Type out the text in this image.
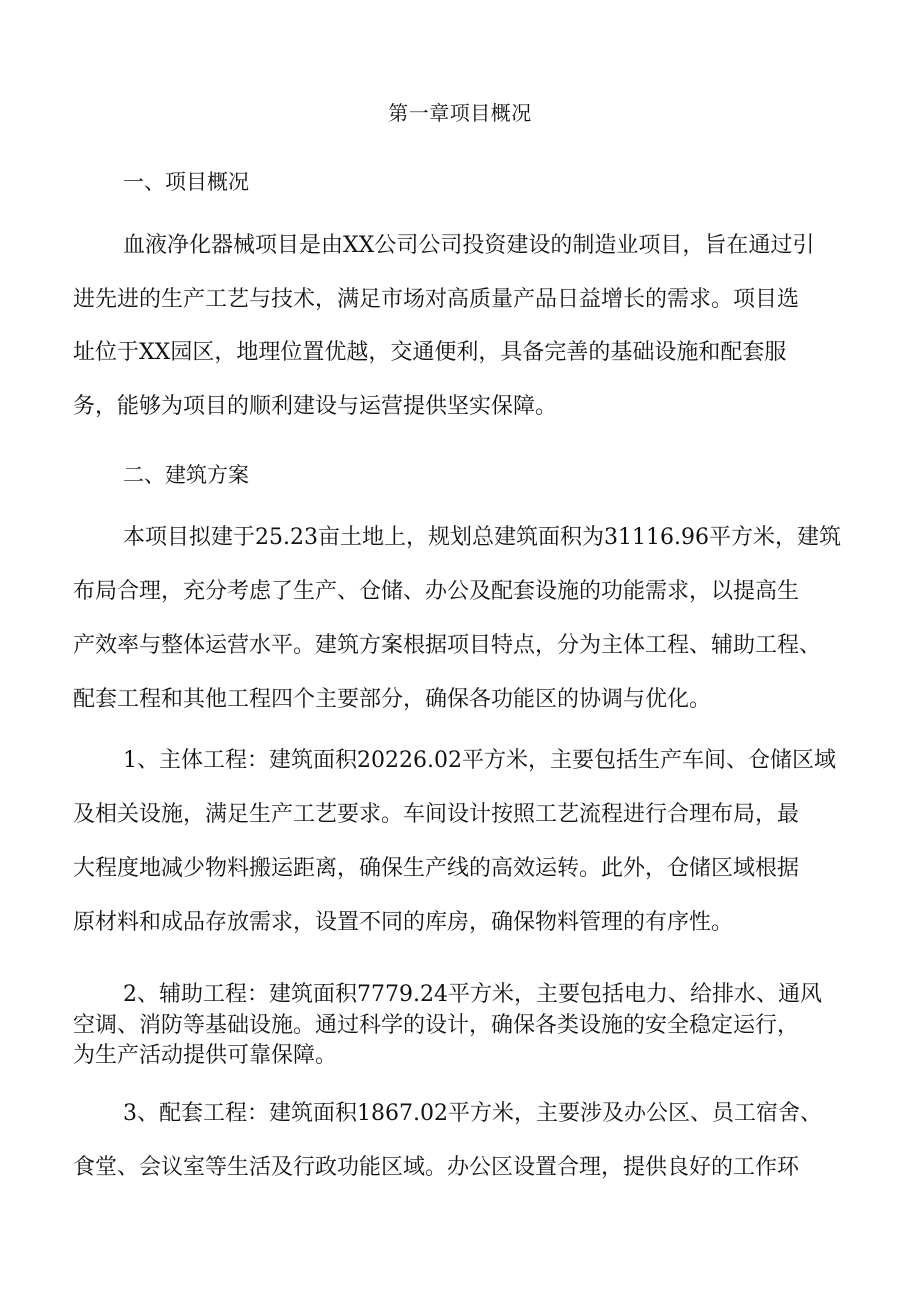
第一章项目概况
一、项目概况
血液净化器械项目是由XX公司公司投资建设的制造业项目，旨在通过引
进先进的生产工艺与技术，满足市场对高质量产品日益增长的需求。项目选
址位于XX园区，地理位置优越，交通便利，具备完善的基础设施和配套服
务，能够为项目的顺利建设与运营提供坚实保障。
二、建筑方案
本项目拟建于25.23亩土地上，规划总建筑面积为31116.96平方米，建筑
布局合理，充分考虑了生产、仓储、办公及配套设施的功能需求，以提高生
产效率与整体运营水平。建筑方案根据项目特点，分为主体工程、辅助工程、
配套工程和其他工程四个主要部分，确保各功能区的协调与优化。
1、主体工程：建筑面积20226.02平方米，主要包括生产车间、仓储区域
及相关设施，满足生产工艺要求。车间设计按照工艺流程进行合理布局，最
大程度地减少物料搬运距离，确保生产线的高效运转。此外，仓储区域根据
原材料和成品存放需求，设置不同的库房，确保物料管理的有序性。
2、辅助工程：建筑面积7779.24平方米，主要包括电力、给排水、通风
空调、消防等基础设施。通过科学的设计，确保各类设施的安全稳定运行，
为生产活动提供可靠保障。
3、配套工程：建筑面积1867.02平方米，主要涉及办公区、员工宿舍、
食堂、会议室等生活及行政功能区域。办公区设置合理，提供良好的工作环
